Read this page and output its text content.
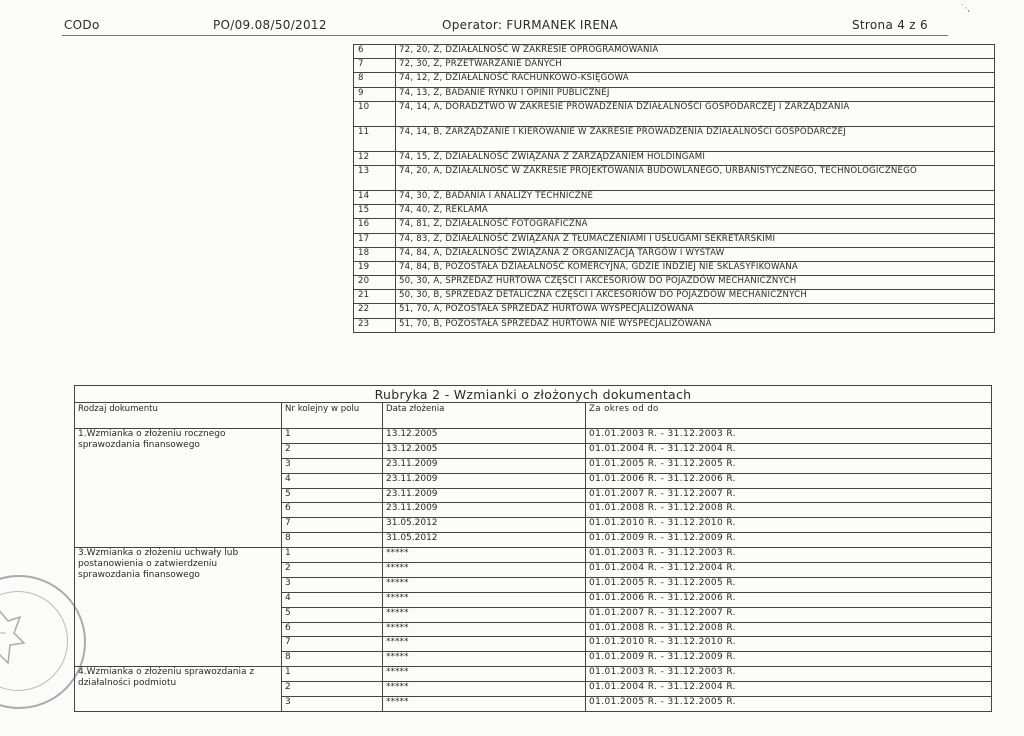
CODo	PO/09.08/50/2012	Operator: FURMANEK IRENA	Strona 4 z 6
˙·,
6	72, 20, Z, DZIAŁALNOŚĆ W ZAKRESIE OPROGRAMOWANIA
7	72, 30, Z, PRZETWARZANIE DANYCH
8	74, 12, Z, DZIAŁALNOŚĆ RACHUNKOWO-KSIĘGOWA
9	74, 13, Z, BADANIE RYNKU I OPINII PUBLICZNEJ
10	74, 14, A, DORADZTWO W ZAKRESIE PROWADZENIA DZIAŁALNOŚCI GOSPODARCZEJ I ZARZĄDZANIA
11	74, 14, B, ZARZĄDZANIE I KIEROWANIE W ZAKRESIE PROWADZENIA DZIAŁALNOŚCI GOSPODARCZEJ
12	74, 15, Z, DZIAŁALNOŚĆ ZWIĄZANA Z ZARZĄDZANIEM HOLDINGAMI
13	74, 20, A, DZIAŁALNOŚĆ W ZAKRESIE PROJEKTOWANIA BUDOWLANEGO, URBANISTYCZNEGO, TECHNOLOGICZNEGO
14	74, 30, Z, BADANIA I ANALIZY TECHNICZNE
15	74, 40, Z, REKLAMA
16	74, 81, Z, DZIAŁALNOŚĆ FOTOGRAFICZNA
17	74, 83, Z, DZIAŁALNOŚĆ ZWIĄZANA Z TŁUMACZENIAMI I USŁUGAMI SEKRETARSKIMI
18	74, 84, A, DZIAŁALNOŚĆ ZWIĄZANA Z ORGANIZACJĄ TARGÓW I WYSTAW
19	74, 84, B, POZOSTAŁA DZIAŁALNOŚĆ KOMERCYJNA, GDZIE INDZIEJ NIE SKLASYFIKOWANA
20	50, 30, A, SPRZEDAŻ HURTOWA CZĘŚCI I AKCESORIÓW DO POJAZDÓW MECHANICZNYCH
21	50, 30, B, SPRZEDAŻ DETALICZNA CZĘŚCI I AKCESORIÓW DO POJAZDÓW MECHANICZNYCH
22	51, 70, A, POZOSTAŁA SPRZEDAŻ HURTOWA WYSPECJALIZOWANA
23	51, 70, B, POZOSTAŁA SPRZEDAŻ HURTOWA NIE WYSPECJALIZOWANA
Rubryka 2 - Wzmianki o złożonych dokumentach			
Rodzaj dokumentu	Nr kolejny w polu	Data złożenia	Za okres od do
1.Wzmianka o złożeniu rocznego sprawozdania finansowego	1	13.12.2005	01.01.2003 R. - 31.12.2003 R.
	2	13.12.2005	01.01.2004 R. - 31.12.2004 R.
	3	23.11.2009	01.01.2005 R. - 31.12.2005 R.
	4	23.11.2009	01.01.2006 R. - 31.12.2006 R.
	5	23.11.2009	01.01.2007 R. - 31.12.2007 R.
	6	23.11.2009	01.01.2008 R. - 31.12.2008 R.
	7	31.05.2012	01.01.2010 R. - 31.12.2010 R.
	8	31.05.2012	01.01.2009 R. - 31.12.2009 R.
3.Wzmianka o złożeniu uchwały lub postanowienia o zatwierdzeniu sprawozdania finansowego	1	*****	01.01.2003 R. - 31.12.2003 R.
	2	*****	01.01.2004 R. - 31.12.2004 R.
	3	*****	01.01.2005 R. - 31.12.2005 R.
	4	*****	01.01.2006 R. - 31.12.2006 R.
	5	*****	01.01.2007 R. - 31.12.2007 R.
	6	*****	01.01.2008 R. - 31.12.2008 R.
	7	*****	01.01.2010 R. - 31.12.2010 R.
	8	*****	01.01.2009 R. - 31.12.2009 R.
4.Wzmianka o złożeniu sprawozdania z działalności podmiotu	1	*****	01.01.2003 R. - 31.12.2003 R.
	2	*****	01.01.2004 R. - 31.12.2004 R.
	3	*****	01.01.2005 R. - 31.12.2005 R.
